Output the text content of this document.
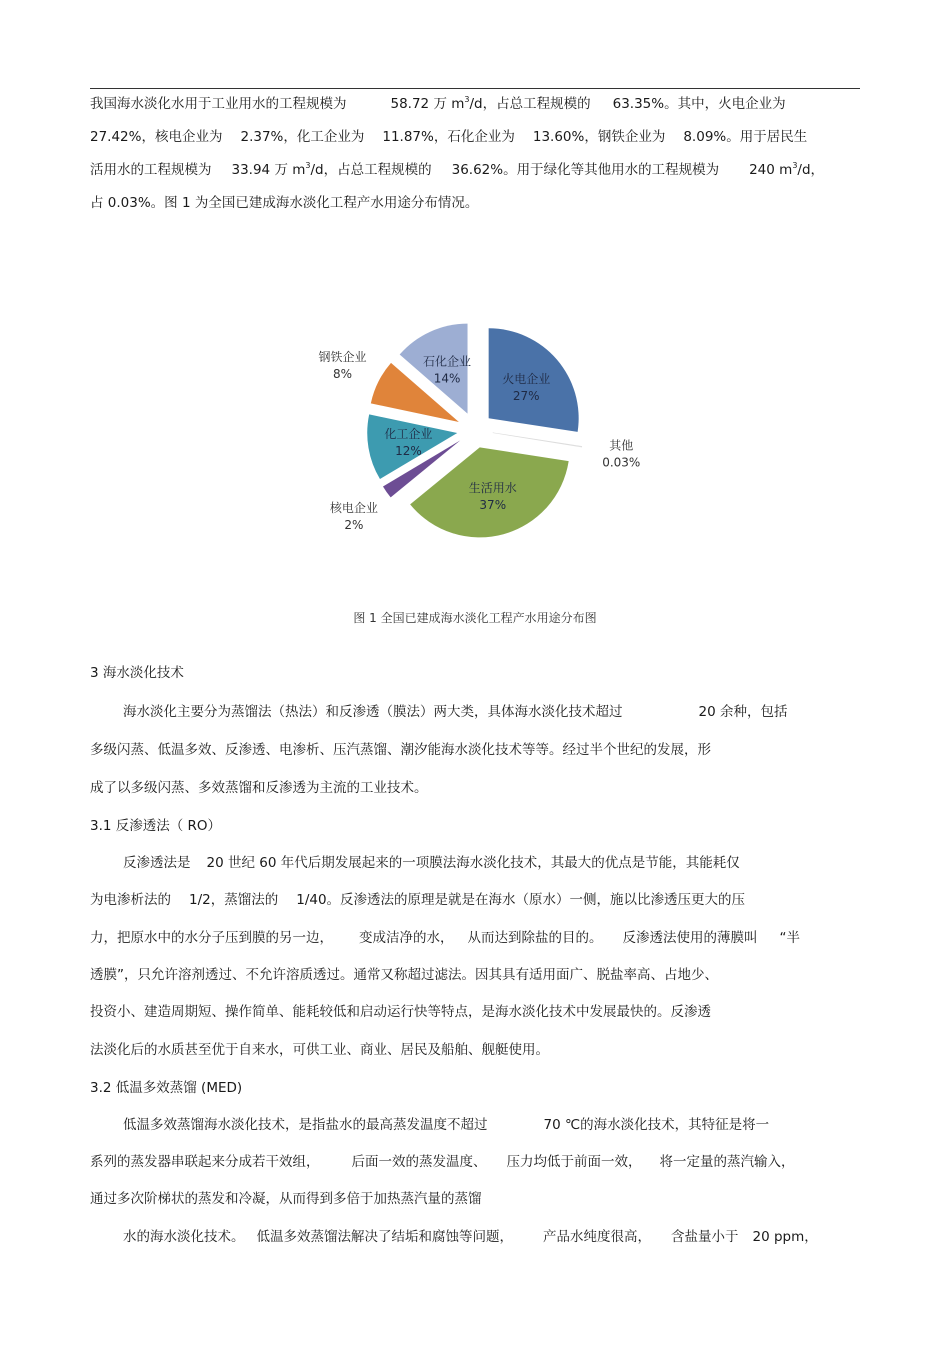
我国海水淡化水用于工业用水的工程规模为	58.72 万 $m^3/d$，占总工程规模的 63.35%。其中，火电企业为
27.42%，核电企业为 2.37%，化工企业为 11.87%，石化企业为 13.60%，钢铁企业为 8.09%。用于居民生
活用水的工程规模为 33.94 万 $m^3/d$，占总工程规模的 36.62%。用于绿化等其他用水的工程规模为 240 $m^3/d$，
占 0.03%。图 1 为全国已建成海水淡化工程产水用途分布情况。
火电企业
27%
其他
0.03%
生活用水
37%
核电企业
2%
化工企业
12%
钢铁企业
8%
石化企业
14%
图 1 全国已建成海水淡化工程产水用途分布图
3 海水淡化技术
海水淡化主要分为蒸馏法（热法）和反渗透（膜法）两大类，具体海水淡化技术超过	20 余种，包括
多级闪蒸、低温多效、反渗透、电渗析、压汽蒸馏、潮汐能海水淡化技术等等。经过半个世纪的发展，形
成了以多级闪蒸、多效蒸馏和反渗透为主流的工业技术。
3.1 反渗透法（ RO）
反渗透法是 20 世纪 60 年代后期发展起来的一项膜法海水淡化技术，其最大的优点是节能，其能耗仅
为电渗析法的 1/2，蒸馏法的 1/40。反渗透法的原理是就是在海水（原水）一侧，施以比渗透压更大的压
力，把原水中的水分子压到膜的另一边， 变成洁净的水， 从而达到除盐的目的。 反渗透法使用的薄膜叫 “半
透膜”，只允许溶剂透过、不允许溶质透过。通常又称超过滤法。因其具有适用面广、脱盐率高、占地少、
投资小、建造周期短、操作简单、能耗较低和启动运行快等特点，是海水淡化技术中发展最快的。反渗透
法淡化后的水质甚至优于自来水，可供工业、商业、居民及船舶、舰艇使用。
3.2 低温多效蒸馏 (MED)
低温多效蒸馏海水淡化技术，是指盐水的最高蒸发温度不超过	70 ℃的海水淡化技术，其特征是将一
系列的蒸发器串联起来分成若干效组， 后面一效的蒸发温度、 压力均低于前面一效， 将一定量的蒸汽输入，
通过多次阶梯状的蒸发和冷凝，从而得到多倍于加热蒸汽量的蒸馏
水的海水淡化技术。 低温多效蒸馏法解决了结垢和腐蚀等问题， 产品水纯度很高， 含盐量小于 20 ppm，
